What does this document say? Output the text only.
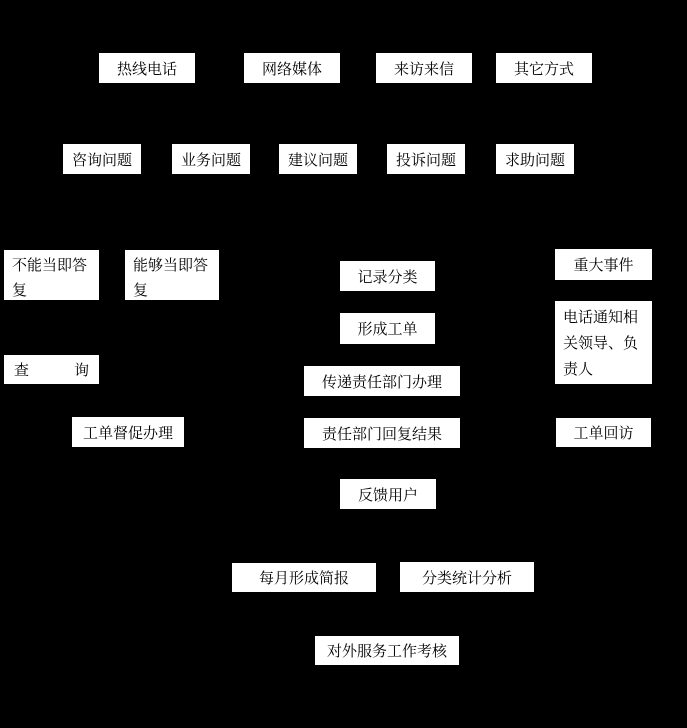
热线电话	网络媒体	来访来信	其它方式
咨询问题	业务问题	建议问题	投诉问题	求助问题
不能当即答复
能够当即答复
查	询
工单督促办理
记录分类
形成工单
传递责任部门办理
责任部门回复结果
反馈用户
每月形成简报	分类统计分析
对外服务工作考核
重大事件
电话通知相关领导、负责人
工单回访
